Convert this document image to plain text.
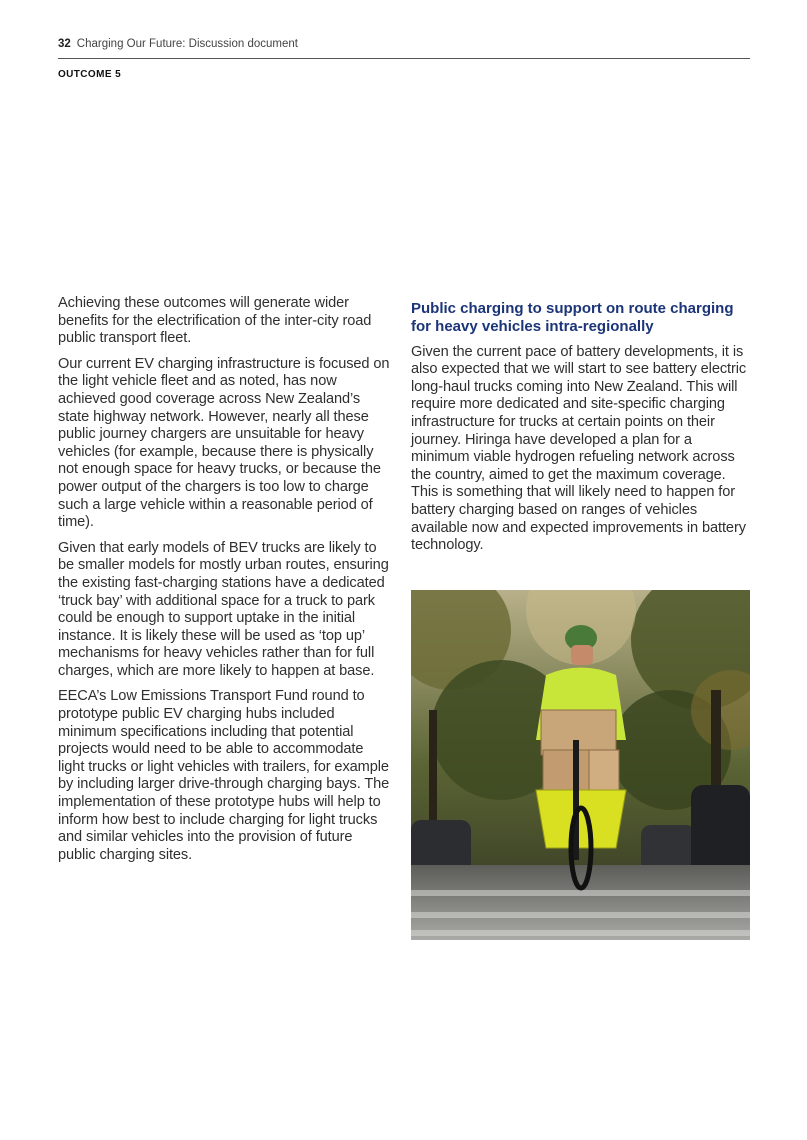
32 Charging Our Future: Discussion document
OUTCOME 5

Achieving these outcomes will generate wider benefits for the electrification of the inter-city road public transport fleet.

Our current EV charging infrastructure is focused on the light vehicle fleet and as noted, has now achieved good coverage across New Zealand’s state highway network. However, nearly all these public journey chargers are unsuitable for heavy vehicles (for example, because there is physically not enough space for heavy trucks, or because the power output of the chargers is too low to charge such a large vehicle within a reasonable period of time).

Given that early models of BEV trucks are likely to be smaller models for mostly urban routes, ensuring the existing fast-charging stations have a dedicated ‘truck bay’ with additional space for a truck to park could be enough to support uptake in the initial instance. It is likely these will be used as ‘top up’ mechanisms for heavy vehicles rather than for full charges, which are more likely to happen at base.

EECA’s Low Emissions Transport Fund round to prototype public EV charging hubs included minimum specifications including that potential projects would need to be able to accommodate light trucks or light vehicles with trailers, for example by including larger drive-through charging bays. The implementation of these prototype hubs will help to inform how best to include charging for light trucks and similar vehicles into the provision of future public charging sites.

Public charging to support on route charging for heavy vehicles intra-regionally

Given the current pace of battery developments, it is also expected that we will start to see battery electric long-haul trucks coming into New Zealand. This will require more dedicated and site-specific charging infrastructure for trucks at certain points on their journey. Hiringa have developed a plan for a minimum viable hydrogen refueling network across the country, aimed to get the maximum coverage. This is something that will likely need to happen for battery charging based on ranges of vehicles available now and expected improvements in battery technology.
